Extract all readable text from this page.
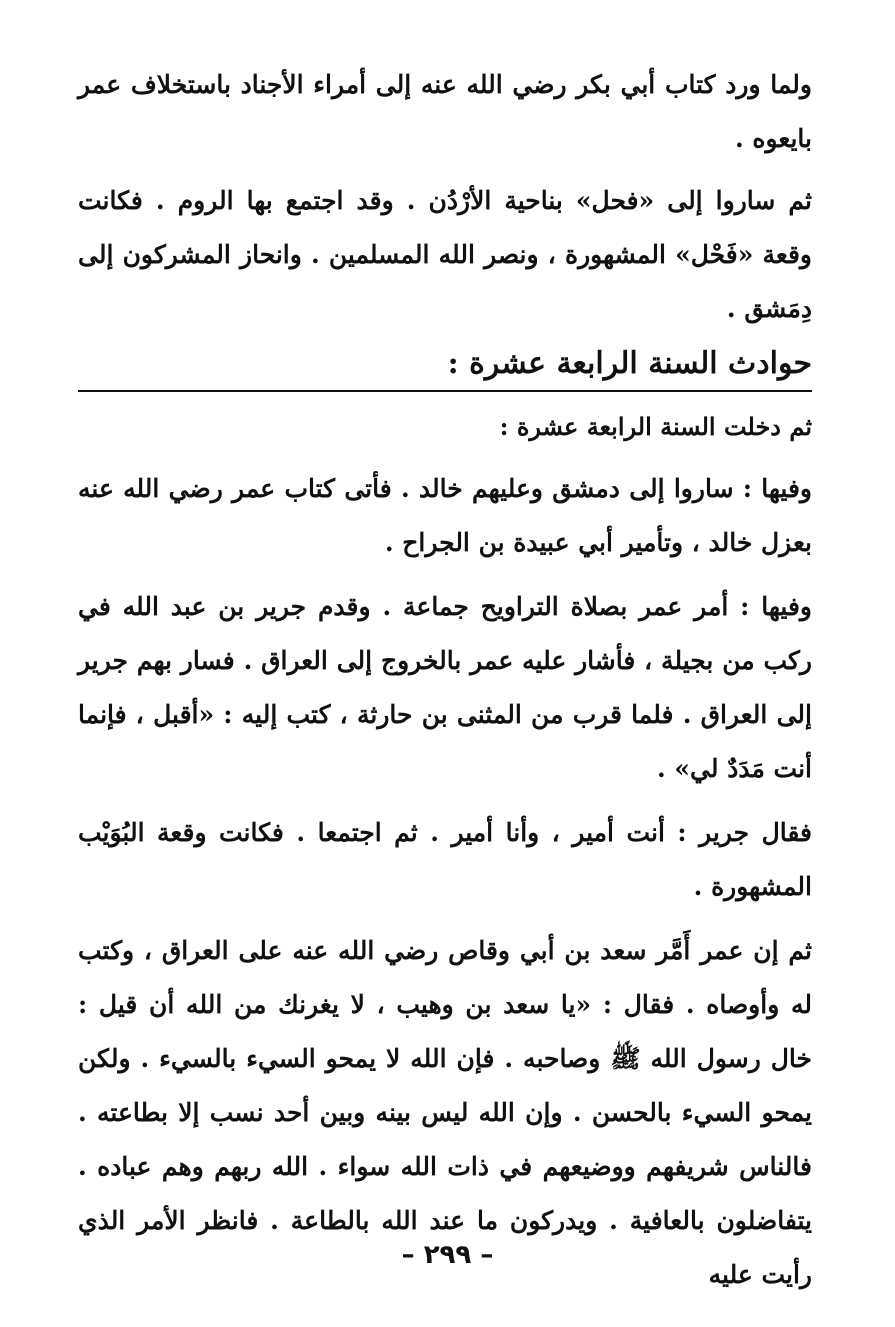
ولما ورد كتاب أبي بكر رضي الله عنه إلى أمراء الأجناد باستخلاف عمر بايعوه .

ثم ساروا إلى «فحل» بناحية الأرْدُن . وقد اجتمع بها الروم . فكانت وقعة «فَحْل» المشهورة ، ونصر الله المسلمين . وانحاز المشركون إلى دِمَشق .

حوادث السنة الرابعة عشرة :

ثم دخلت السنة الرابعة عشرة :

وفيها : ساروا إلى دمشق وعليهم خالد . فأتى كتاب عمر رضي الله عنه بعزل خالد ، وتأمير أبي عبيدة بن الجراح .

وفيها : أمر عمر بصلاة التراويح جماعة . وقدم جرير بن عبد الله في ركب من بجيلة ، فأشار عليه عمر بالخروج إلى العراق . فسار بهم جرير إلى العراق . فلما قرب من المثنى بن حارثة ، كتب إليه : «أقبل ، فإنما أنت مَدَدٌ لي» .

فقال جرير : أنت أمير ، وأنا أمير . ثم اجتمعا . فكانت وقعة البُوَيْب المشهورة .

ثم إن عمر أَمَّر سعد بن أبي وقاص رضي الله عنه على العراق ، وكتب له وأوصاه . فقال : «يا سعد بن وهيب ، لا يغرنك من الله أن قيل : خال رسول الله ﷺ وصاحبه . فإن الله لا يمحو السيء بالسيء . ولكن يمحو السيء بالحسن . وإن الله ليس بينه وبين أحد نسب إلا بطاعته . فالناس شريفهم ووضيعهم في ذات الله سواء . الله ربهم وهم عباده . يتفاضلون بالعافية . ويدركون ما عند الله بالطاعة . فانظر الأمر الذي رأيت عليه

– ٢٩٩ –
